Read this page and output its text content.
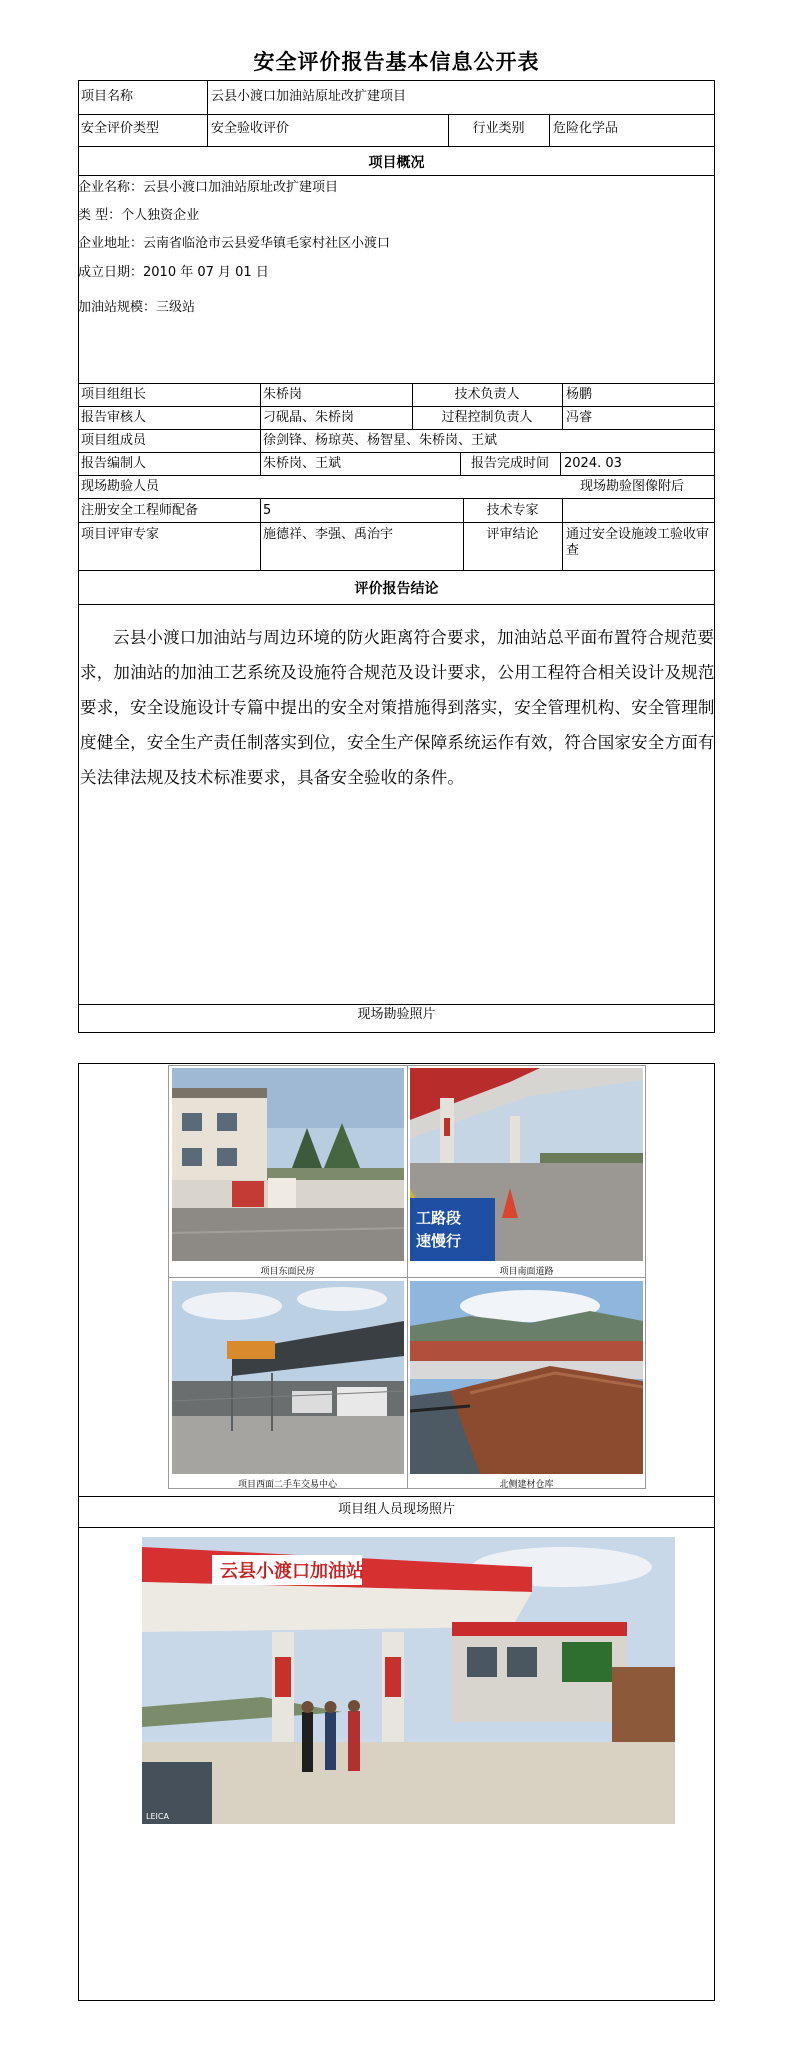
安全评价报告基本信息公开表
项目名称	云县小渡口加油站原址改扩建项目
安全评价类型	安全验收评价	行业类别	危险化学品
项目概况
企业名称：云县小渡口加油站原址改扩建项目
类 型：个人独资企业
企业地址：云南省临沧市云县爱华镇毛家村社区小渡口
成立日期：2010 年 07 月 01 日
加油站规模：三级站
项目组组长	朱桥岗	技术负责人	杨鹏
报告审核人	刁砚晶、朱桥岗	过程控制负责人	冯睿
项目组成员	徐剑锋、杨琼英、杨智星、朱桥岗、王斌
报告编制人	朱桥岗、王斌	报告完成时间	2024. 03
现场勘验人员	现场勘验图像附后
注册安全工程师配备	5	技术专家
项目评审专家	施德祥、李强、禹治宇	评审结论	通过安全设施竣工验收审查
评价报告结论
云县小渡口加油站与周边环境的防火距离符合要求，加油站总平面布置符合规范要求，加油站的加油工艺系统及设施符合规范及设计要求，公用工程符合相关设计及规范要求，安全设施设计专篇中提出的安全对策措施得到落实，安全管理机构、安全管理制度健全，安全生产责任制落实到位，安全生产保障系统运作有效，符合国家安全方面有关法律法规及技术标准要求，具备安全验收的条件。
现场勘验照片
工路段
速慢行
项目东面民房	项目南面道路
项目西面二手车交易中心	北侧建材仓库
项目组人员现场照片
云县小渡口加油站
LEICA
